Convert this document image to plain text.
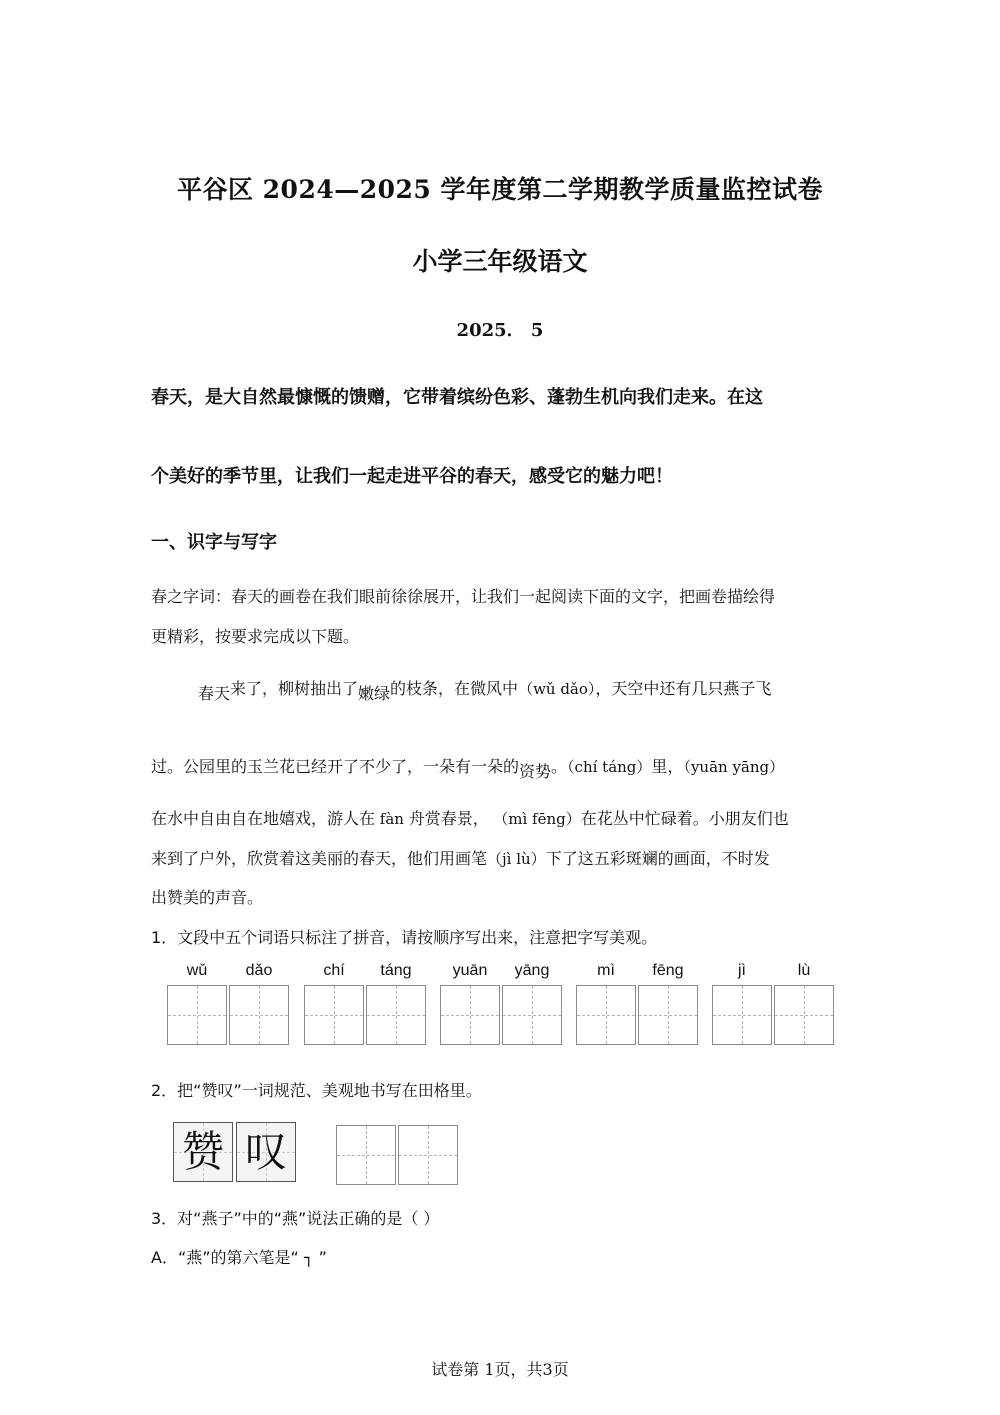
平谷区 2024—2025 学年度第二学期教学质量监控试卷
小学三年级语文
2025． 5
春天，是大自然最慷慨的馈赠，它带着缤纷色彩、蓬勃生机向我们走来。在这
个美好的季节里，让我们一起走进平谷的春天，感受它的魅力吧！
一、识字与写字
春之字词：春天的画卷在我们眼前徐徐展开，让我们一起阅读下面的文字，把画卷描绘得
更精彩，按要求完成以下题。
春天来了，柳树抽出了嫩绿的枝条，在微风中（wǔ dǎo），天空中还有几只燕子飞
过。公园里的玉兰花已经开了不少了，一朵有一朵的资势。（chí táng）里，（yuān yāng）
在水中自由自在地嬉戏，游人在 fàn 舟赏春景， （mì fēng）在花丛中忙碌着。小朋友们也
来到了户外，欣赏着这美丽的春天，他们用画笔（jì lù）下了这五彩斑斓的画面，不时发
出赞美的声音。
1．文段中五个词语只标注了拼音，请按顺序写出来，注意把字写美观。
wǔ	dǎo	chí	táng	yuān	yāng	mì	fēng	jì	lù
2．把“赞叹”一词规范、美观地书写在田格里。
赞 叹
3．对“燕子”中的“燕”说法正确的是（ ）
A．“燕”的第六笔是“ ┐ ”
试卷第 1页，共3页
